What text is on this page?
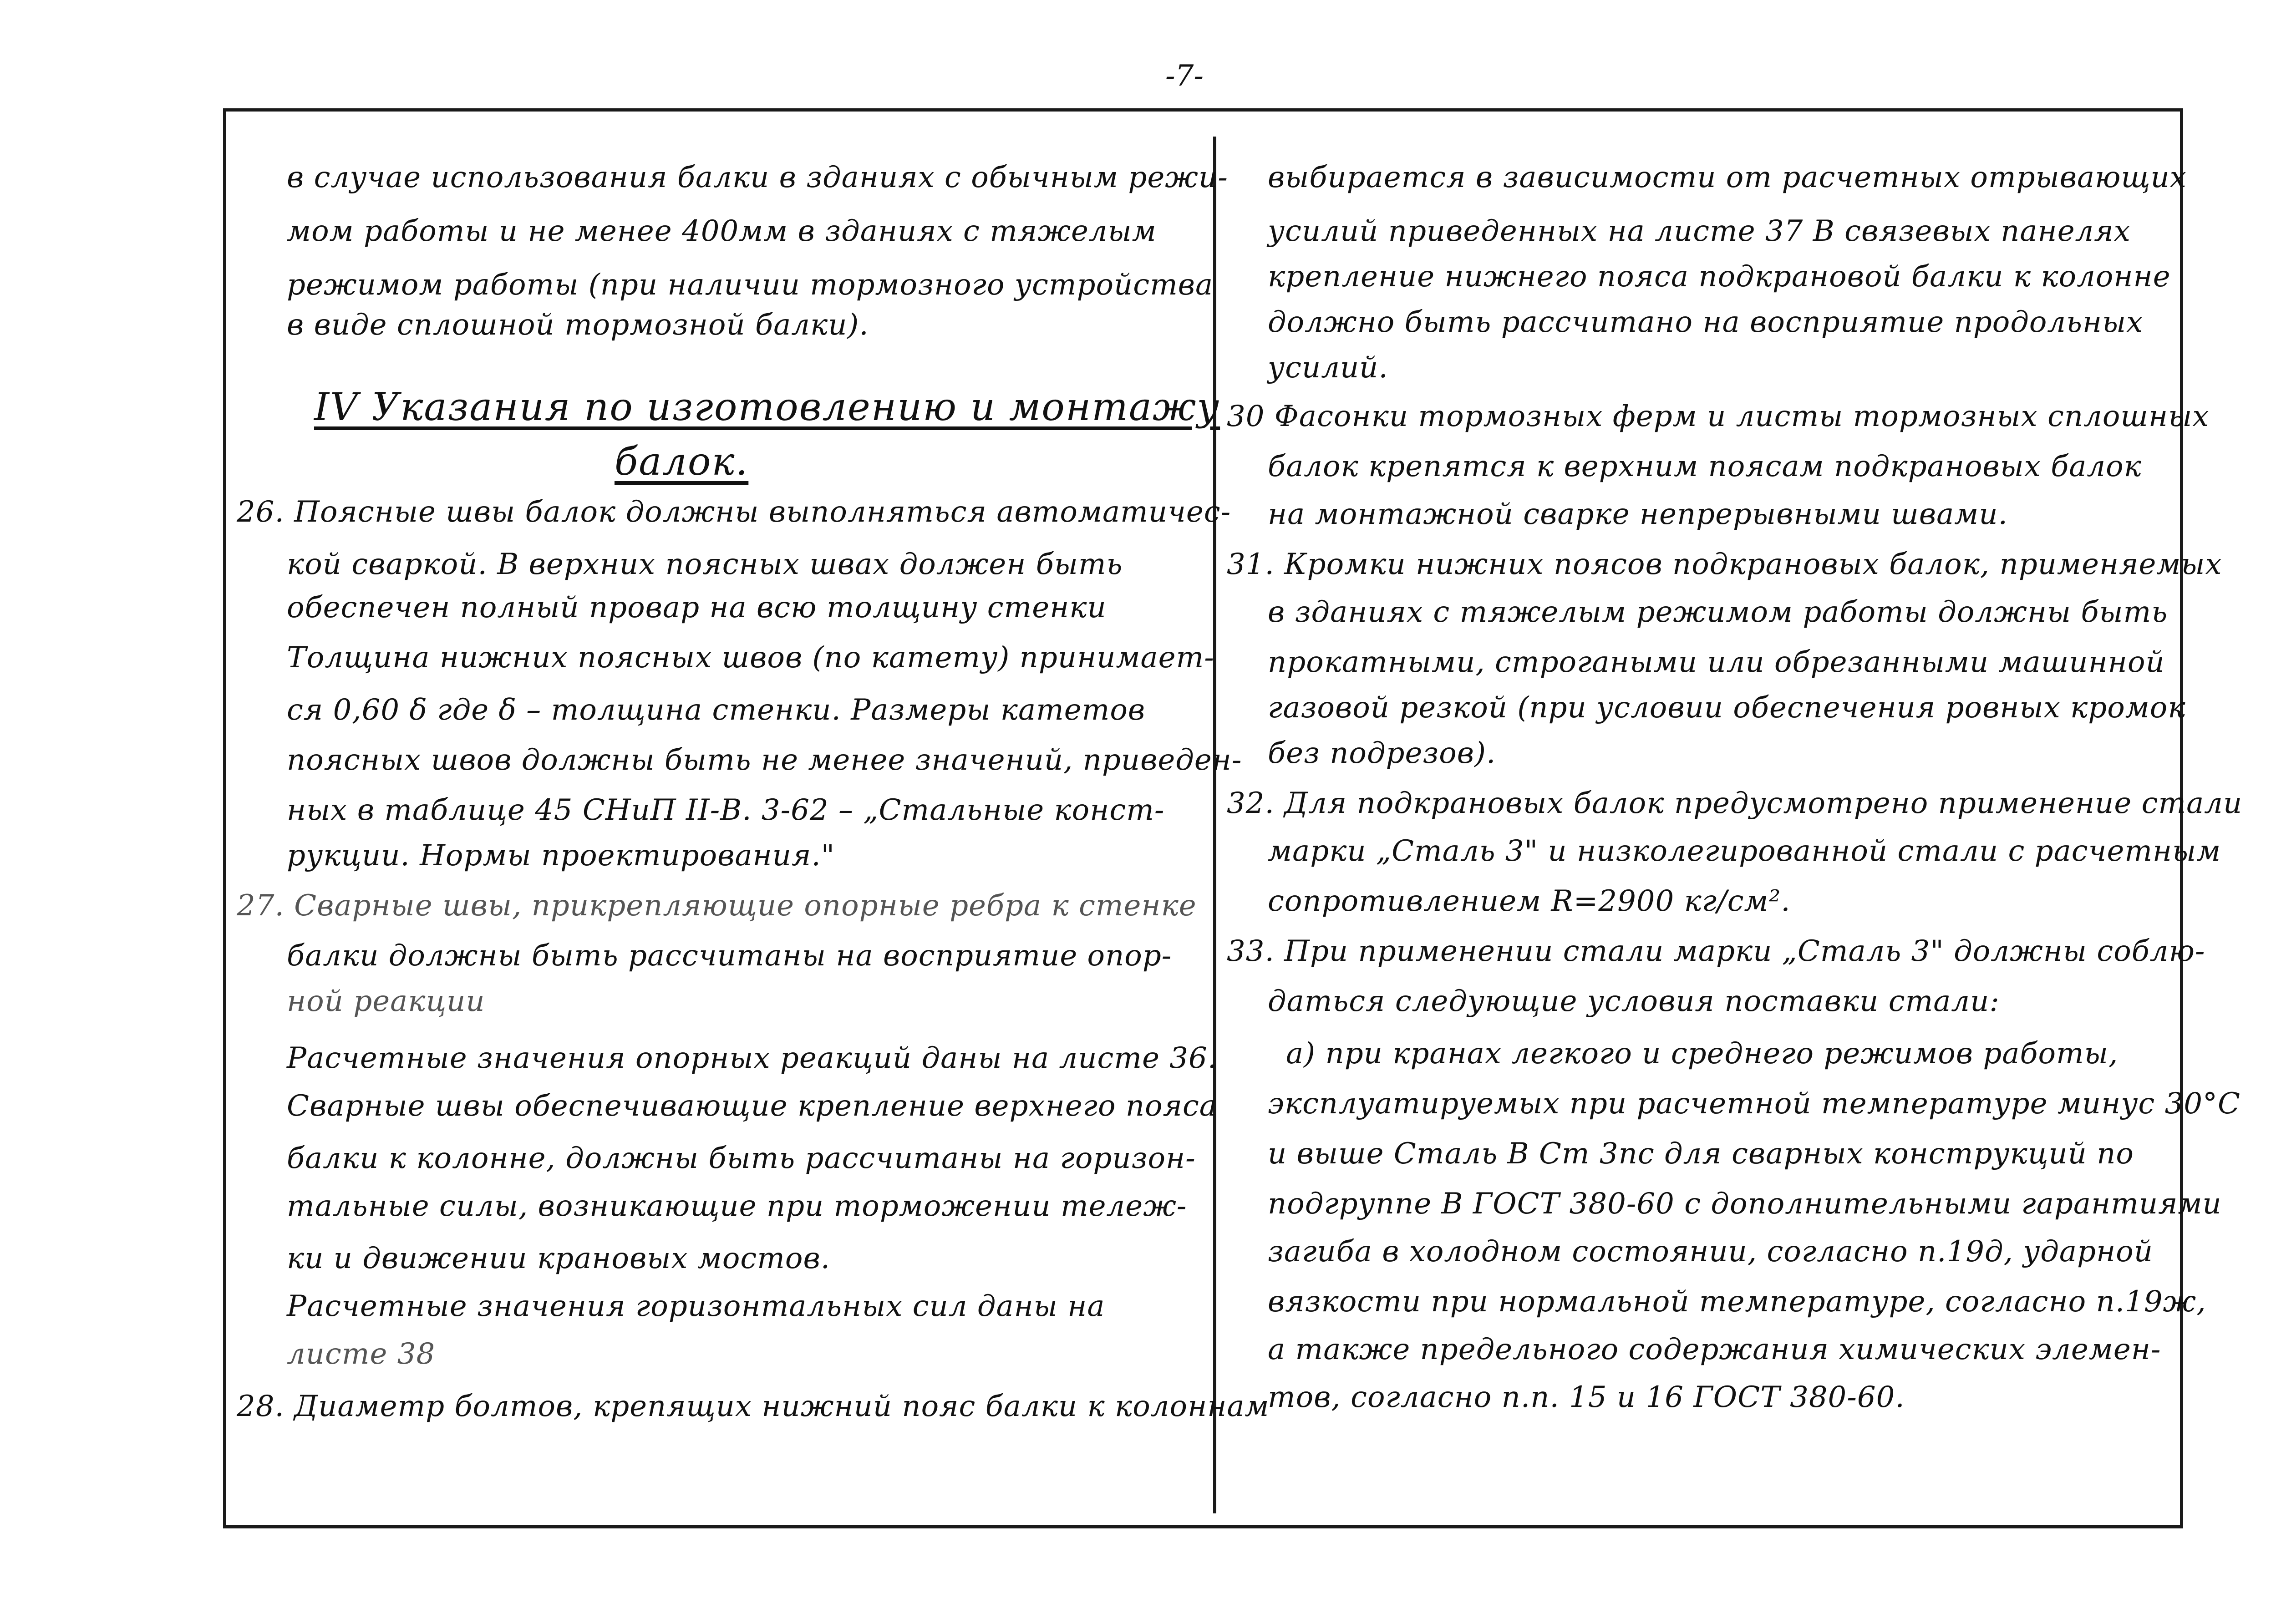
-7-
в случае использования балки в зданиях с обычным режи-
мом работы и не менее 400мм в зданиях с тяжелым
режимом работы (при наличии тормозного устройства
в виде сплошной тормозной балки).
IV Указания по изготовлению и монтажу
балок.
26. Поясные швы балок должны выполняться автоматичес-
кой сваркой. В верхних поясных швах должен быть
обеспечен полный провар на всю толщину стенки
Толщина нижних поясных швов (по катету) принимает-
ся 0,60 δ где δ – толщина стенки. Размеры катетов
поясных швов должны быть не менее значений, приведен-
ных в таблице 45 СНиП II-В. 3-62 – „Стальные конст-
рукции. Нормы проектирования."
27. Сварные швы, прикрепляющие опорные ребра к стенке
балки должны быть рассчитаны на восприятие опор-
ной реакции
Расчетные значения опорных реакций даны на листе 36.
Сварные швы обеспечивающие крепление верхнего пояса
балки к колонне, должны быть рассчитаны на горизон-
тальные силы, возникающие при торможении тележ-
ки и движении крановых мостов.
Расчетные значения горизонтальных сил даны на
листе 38
28. Диаметр болтов, крепящих нижний пояс балки к колоннам
выбирается в зависимости от расчетных отрывающих
усилий приведенных на листе 37 В связевых панелях
крепление нижнего пояса подкрановой балки к колонне
должно быть рассчитано на восприятие продольных
усилий.
30 Фасонки тормозных ферм и листы тормозных сплошных
балок крепятся к верхним поясам подкрановых балок
на монтажной сварке непрерывными швами.
31. Кромки нижних поясов подкрановых балок, применяемых
в зданиях с тяжелым режимом работы должны быть
прокатными, строгаными или обрезанными машинной
газовой резкой (при условии обеспечения ровных кромок
без подрезов).
32. Для подкрановых балок предусмотрено применение стали
марки „Сталь 3" и низколегированной стали с расчетным
сопротивлением R=2900 кг/см².
33. При применении стали марки „Сталь 3" должны соблю-
даться следующие условия поставки стали:
а) при кранах легкого и среднего режимов работы,
эксплуатируемых при расчетной температуре минус 30°С
и выше Сталь В Ст 3пс для сварных конструкций по
подгруппе В ГОСТ 380-60 с дополнительными гарантиями
загиба в холодном состоянии, согласно п.19д, ударной
вязкости при нормальной температуре, согласно п.19ж,
а также предельного содержания химических элемен-
тов, согласно п.п. 15 и 16 ГОСТ 380-60.
